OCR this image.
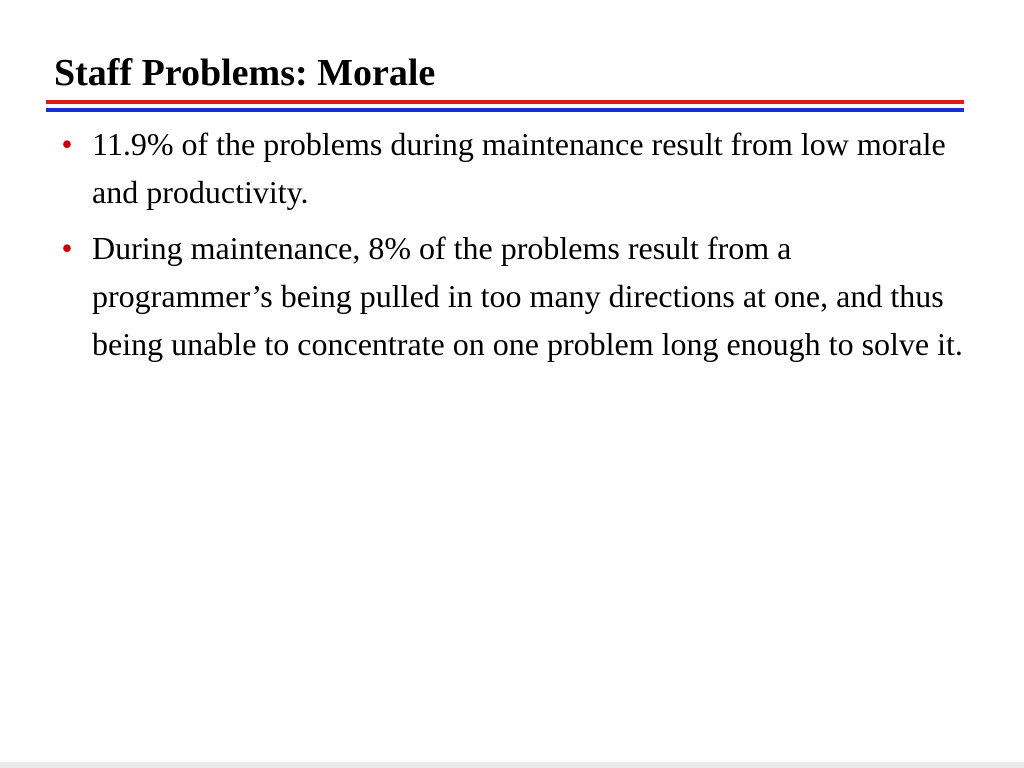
Staff Problems: Morale
• 11.9% of the problems during maintenance result from low morale and productivity.
• During maintenance, 8% of the problems result from a programmer’s being pulled in too many directions at one, and thus being unable to concentrate on one problem long enough to solve it.
